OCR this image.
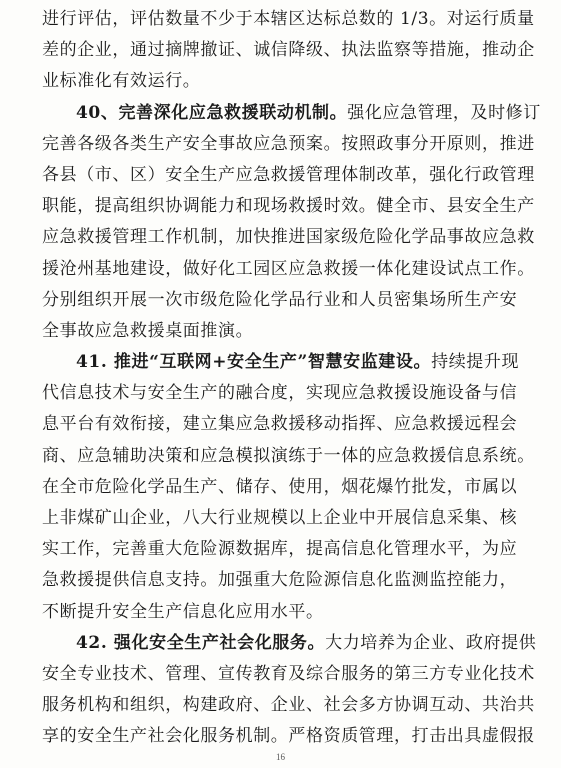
进行评估，评估数量不少于本辖区达标总数的 1/3。对运行质量
差的企业，通过摘牌撤证、诚信降级、执法监察等措施，推动企
业标准化有效运行。
40、完善深化应急救援联动机制。强化应急管理，及时修订
完善各级各类生产安全事故应急预案。按照政事分开原则，推进
各县（市、区）安全生产应急救援管理体制改革，强化行政管理
职能，提高组织协调能力和现场救援时效。健全市、县安全生产
应急救援管理工作机制，加快推进国家级危险化学品事故应急救
援沧州基地建设，做好化工园区应急救援一体化建设试点工作。
分别组织开展一次市级危险化学品行业和人员密集场所生产安
全事故应急救援桌面推演。
41. 推进“互联网+安全生产”智慧安监建设。持续提升现
代信息技术与安全生产的融合度，实现应急救援设施设备与信
息平台有效衔接，建立集应急救援移动指挥、应急救援远程会
商、应急辅助决策和应急模拟演练于一体的应急救援信息系统。
在全市危险化学品生产、储存、使用，烟花爆竹批发，市属以
上非煤矿山企业，八大行业规模以上企业中开展信息采集、核
实工作，完善重大危险源数据库，提高信息化管理水平，为应
急救援提供信息支持。加强重大危险源信息化监测监控能力，
不断提升安全生产信息化应用水平。
42. 强化安全生产社会化服务。大力培养为企业、政府提供
安全专业技术、管理、宣传教育及综合服务的第三方专业化技术
服务机构和组织，构建政府、企业、社会多方协调互动、共治共
享的安全生产社会化服务机制。严格资质管理，打击出具虚假报
16
